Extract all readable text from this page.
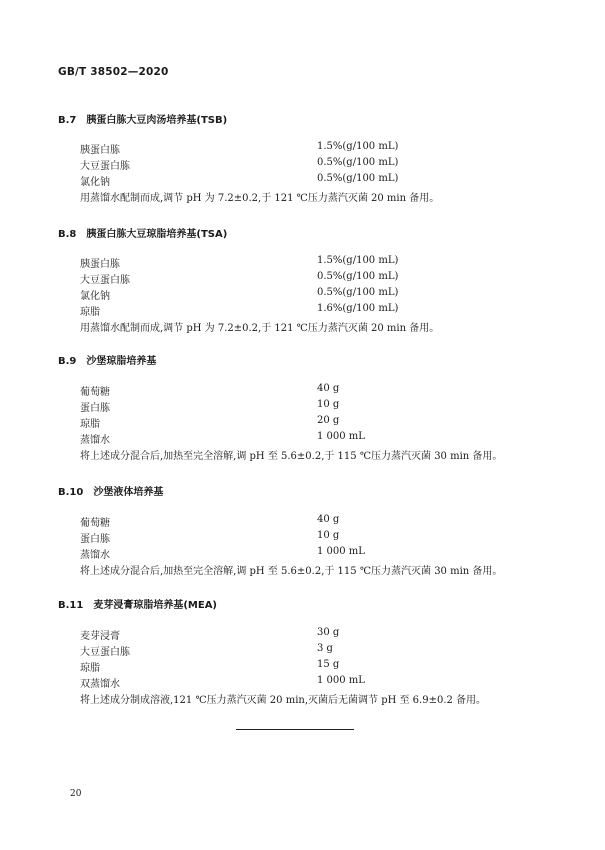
GB/T 38502—2020
B.7 胰蛋白胨大豆肉汤培养基(TSB)
胰蛋白胨	1.5%(g/100 mL)
大豆蛋白胨	0.5%(g/100 mL)
氯化钠	0.5%(g/100 mL)
用蒸馏水配制而成,调节 pH 为 7.2±0.2,于 121 ℃压力蒸汽灭菌 20 min 备用。
B.8 胰蛋白胨大豆琼脂培养基(TSA)
胰蛋白胨	1.5%(g/100 mL)
大豆蛋白胨	0.5%(g/100 mL)
氯化钠	0.5%(g/100 mL)
琼脂	1.6%(g/100 mL)
用蒸馏水配制而成,调节 pH 为 7.2±0.2,于 121 ℃压力蒸汽灭菌 20 min 备用。
B.9 沙堡琼脂培养基
葡萄糖	40 g
蛋白胨	10 g
琼脂	20 g
蒸馏水	1 000 mL
将上述成分混合后,加热至完全溶解,调 pH 至 5.6±0.2,于 115 ℃压力蒸汽灭菌 30 min 备用。
B.10 沙堡液体培养基
葡萄糖	40 g
蛋白胨	10 g
蒸馏水	1 000 mL
将上述成分混合后,加热至完全溶解,调 pH 至 5.6±0.2,于 115 ℃压力蒸汽灭菌 30 min 备用。
B.11 麦芽浸膏琼脂培养基(MEA)
麦芽浸膏	30 g
大豆蛋白胨	3 g
琼脂	15 g
双蒸馏水	1 000 mL
将上述成分制成溶液,121 ℃压力蒸汽灭菌 20 min,灭菌后无菌调节 pH 至 6.9±0.2 备用。
20
